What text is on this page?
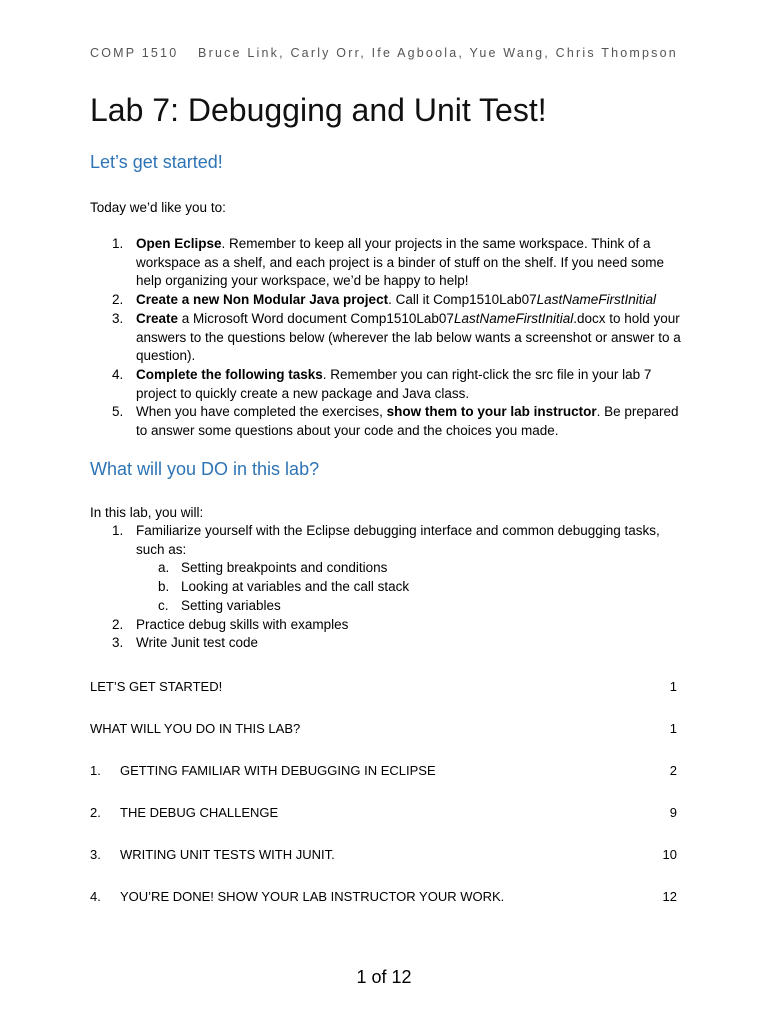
COMP 1510 Bruce Link, Carly Orr, Ife Agboola, Yue Wang, Chris Thompson
Lab 7: Debugging and Unit Test!
Let’s get started!
Today we’d like you to:
1. Open Eclipse. Remember to keep all your projects in the same workspace. Think of a workspace as a shelf, and each project is a binder of stuff on the shelf. If you need some help organizing your workspace, we’d be happy to help!
2. Create a new Non Modular Java project. Call it Comp1510Lab07LastNameFirstInitial
3. Create a Microsoft Word document Comp1510Lab07LastNameFirstInitial.docx to hold your answers to the questions below (wherever the lab below wants a screenshot or answer to a question).
4. Complete the following tasks. Remember you can right-click the src file in your lab 7 project to quickly create a new package and Java class.
5. When you have completed the exercises, show them to your lab instructor. Be prepared to answer some questions about your code and the choices you made.
What will you DO in this lab?
In this lab, you will:
1. Familiarize yourself with the Eclipse debugging interface and common debugging tasks, such as:
a. Setting breakpoints and conditions
b. Looking at variables and the call stack
c. Setting variables
2. Practice debug skills with examples
3. Write Junit test code
LET’S GET STARTED!	1
WHAT WILL YOU DO IN THIS LAB?	1
1. GETTING FAMILIAR WITH DEBUGGING IN ECLIPSE	2
2. THE DEBUG CHALLENGE	9
3. WRITING UNIT TESTS WITH JUNIT.	10
4. YOU’RE DONE! SHOW YOUR LAB INSTRUCTOR YOUR WORK.	12
1 of 12
